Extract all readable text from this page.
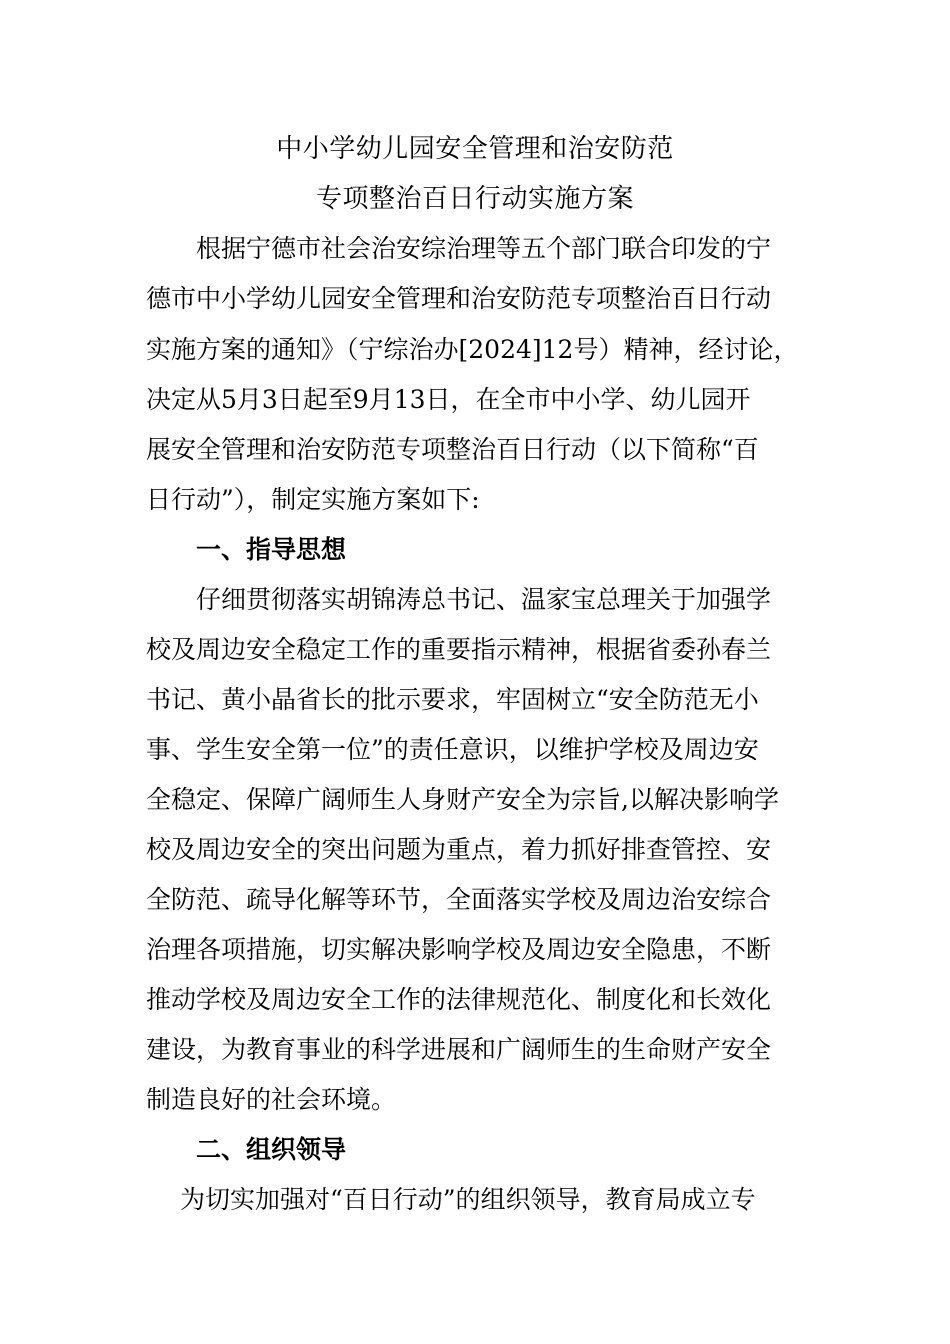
中小学幼儿园安全管理和治安防范
专项整治百日行动实施方案
根据宁德市社会治安综治理等五个部门联合印发的宁
德市中小学幼儿园安全管理和治安防范专项整治百日行动
实施方案的通知》（宁综治办[2024]12号）精神，经讨论，
决定从5月3日起至9月13日，在全市中小学、幼儿园开
展安全管理和治安防范专项整治百日行动（以下简称“百
日行动”），制定实施方案如下:
一、指导思想
仔细贯彻落实胡锦涛总书记、温家宝总理关于加强学
校及周边安全稳定工作的重要指示精神，根据省委孙春兰
书记、黄小晶省长的批示要求，牢固树立“安全防范无小
事、学生安全第一位”的责任意识，以维护学校及周边安
全稳定、保障广阔师生人身财产安全为宗旨,以解决影响学
校及周边安全的突出问题为重点，着力抓好排查管控、安
全防范、疏导化解等环节，全面落实学校及周边治安综合
治理各项措施，切实解决影响学校及周边安全隐患，不断
推动学校及周边安全工作的法律规范化、制度化和长效化
建设，为教育事业的科学进展和广阔师生的生命财产安全
制造良好的社会环境。
二、组织领导
为切实加强对“百日行动”的组织领导，教育局成立专
